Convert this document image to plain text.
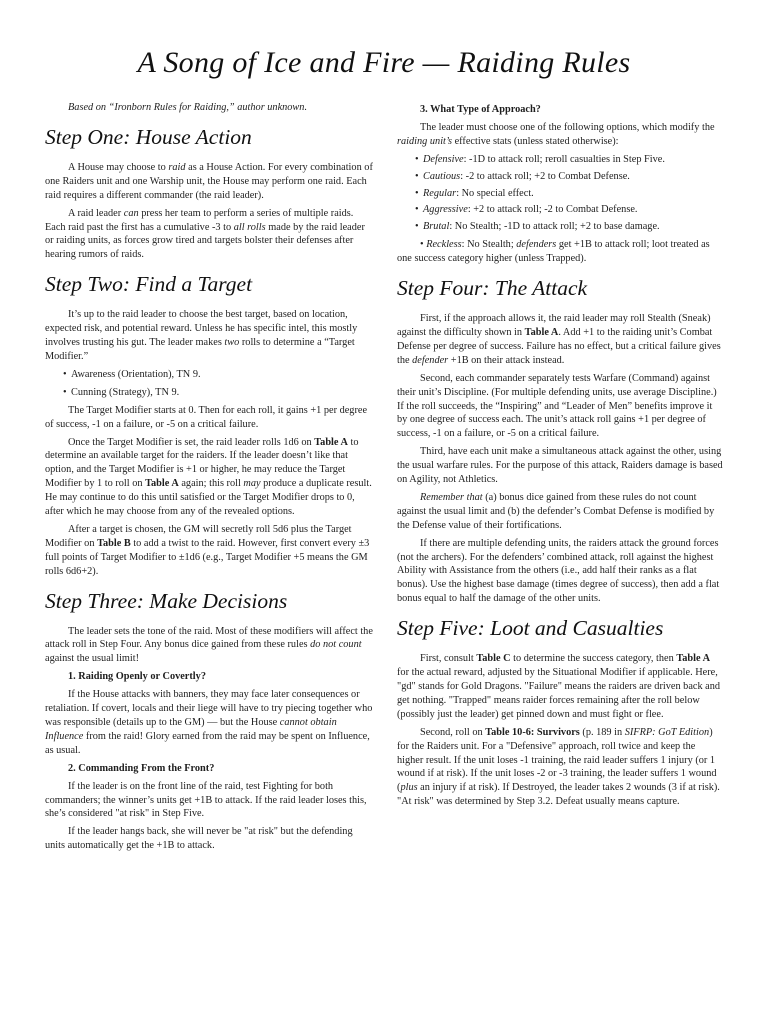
A Song of Ice and Fire — Raiding Rules

Based on “Ironborn Rules for Raiding,” author unknown.

Step One: House Action

A House may choose to raid as a House Action. For every combination of one Raiders unit and one Warship unit, the House may perform one raid. Each raid requires a different commander (the raid leader).

A raid leader can press her team to perform a series of multiple raids. Each raid past the first has a cumulative -3 to all rolls made by the raid leader or raiding units, as forces grow tired and targets bolster their defenses after hearing rumors of raids.

Step Two: Find a Target

It’s up to the raid leader to choose the best target, based on location, expected risk, and potential reward. Unless he has specific intel, this mostly involves trusting his gut. The leader makes two rolls to determine a “Target Modifier.”

• Awareness (Orientation), TN 9.
• Cunning (Strategy), TN 9.

The Target Modifier starts at 0. Then for each roll, it gains +1 per degree of success, -1 on a failure, or -5 on a critical failure.

Once the Target Modifier is set, the raid leader rolls 1d6 on Table A to determine an available target for the raiders. If the leader doesn’t like that option, and the Target Modifier is +1 or higher, he may reduce the Target Modifier by 1 to roll on Table A again; this roll may produce a duplicate result. He may continue to do this until satisfied or the Target Modifier drops to 0, after which he may choose from any of the revealed options.

After a target is chosen, the GM will secretly roll 5d6 plus the Target Modifier on Table B to add a twist to the raid. However, first convert every ±3 full points of Target Modifier to ±1d6 (e.g., Target Modifier +5 means the GM rolls 6d6+2).

Step Three: Make Decisions

The leader sets the tone of the raid. Most of these modifiers will affect the attack roll in Step Four. Any bonus dice gained from these rules do not count against the usual limit!

1. Raiding Openly or Covertly?

If the House attacks with banners, they may face later consequences or retaliation. If covert, locals and their liege will have to try piecing together who was responsible (details up to the GM) — but the House cannot obtain Influence from the raid! Glory earned from the raid may be spent on Influence, as usual.

2. Commanding From the Front?

If the leader is on the front line of the raid, test Fighting for both commanders; the winner’s units get +1B to attack. If the raid leader loses this, she’s considered "at risk" in Step Five.

If the leader hangs back, she will never be "at risk" but the defending units automatically get the +1B to attack.

3. What Type of Approach?

The leader must choose one of the following options, which modify the raiding unit’s effective stats (unless stated otherwise):

• Defensive: -1D to attack roll; reroll casualties in Step Five.
• Cautious: -2 to attack roll; +2 to Combat Defense.
• Regular: No special effect.
• Aggressive: +2 to attack roll; -2 to Combat Defense.
• Brutal: No Stealth; -1D to attack roll; +2 to base damage.

• Reckless: No Stealth; defenders get +1B to attack roll; loot treated as one success category higher (unless Trapped).

Step Four: The Attack

First, if the approach allows it, the raid leader may roll Stealth (Sneak) against the difficulty shown in Table A. Add +1 to the raiding unit’s Combat Defense per degree of success. Failure has no effect, but a critical failure gives the defender +1B on their attack instead.

Second, each commander separately tests Warfare (Command) against their unit’s Discipline. (For multiple defending units, use average Discipline.) If the roll succeeds, the “Inspiring” and “Leader of Men” benefits improve it by one degree of success each. The unit’s attack roll gains +1 per degree of success, -1 on a failure, or -5 on a critical failure.

Third, have each unit make a simultaneous attack against the other, using the usual warfare rules. For the purpose of this attack, Raiders damage is based on Agility, not Athletics.

Remember that (a) bonus dice gained from these rules do not count against the usual limit and (b) the defender’s Combat Defense is modified by the Defense value of their fortifications.

If there are multiple defending units, the raiders attack the ground forces (not the archers). For the defenders’ combined attack, roll against the highest Ability with Assistance from the others (i.e., add half their ranks as a flat bonus). Use the highest base damage (times degree of success), then add a flat bonus equal to half the damage of the other units.

Step Five: Loot and Casualties

First, consult Table C to determine the success category, then Table A for the actual reward, adjusted by the Situational Modifier if applicable. Here, "gd" stands for Gold Dragons. "Failure" means the raiders are driven back and get nothing. "Trapped" means raider forces remaining after the roll below (possibly just the leader) get pinned down and must fight or flee.

Second, roll on Table 10-6: Survivors (p. 189 in SIFRP: GoT Edition) for the Raiders unit. For a "Defensive" approach, roll twice and keep the higher result. If the unit loses -1 training, the raid leader suffers 1 injury (or 1 wound if at risk). If the unit loses -2 or -3 training, the leader suffers 1 wound (plus an injury if at risk). If Destroyed, the leader takes 2 wounds (3 if at risk). "At risk" was determined by Step 3.2. Defeat usually means capture.
